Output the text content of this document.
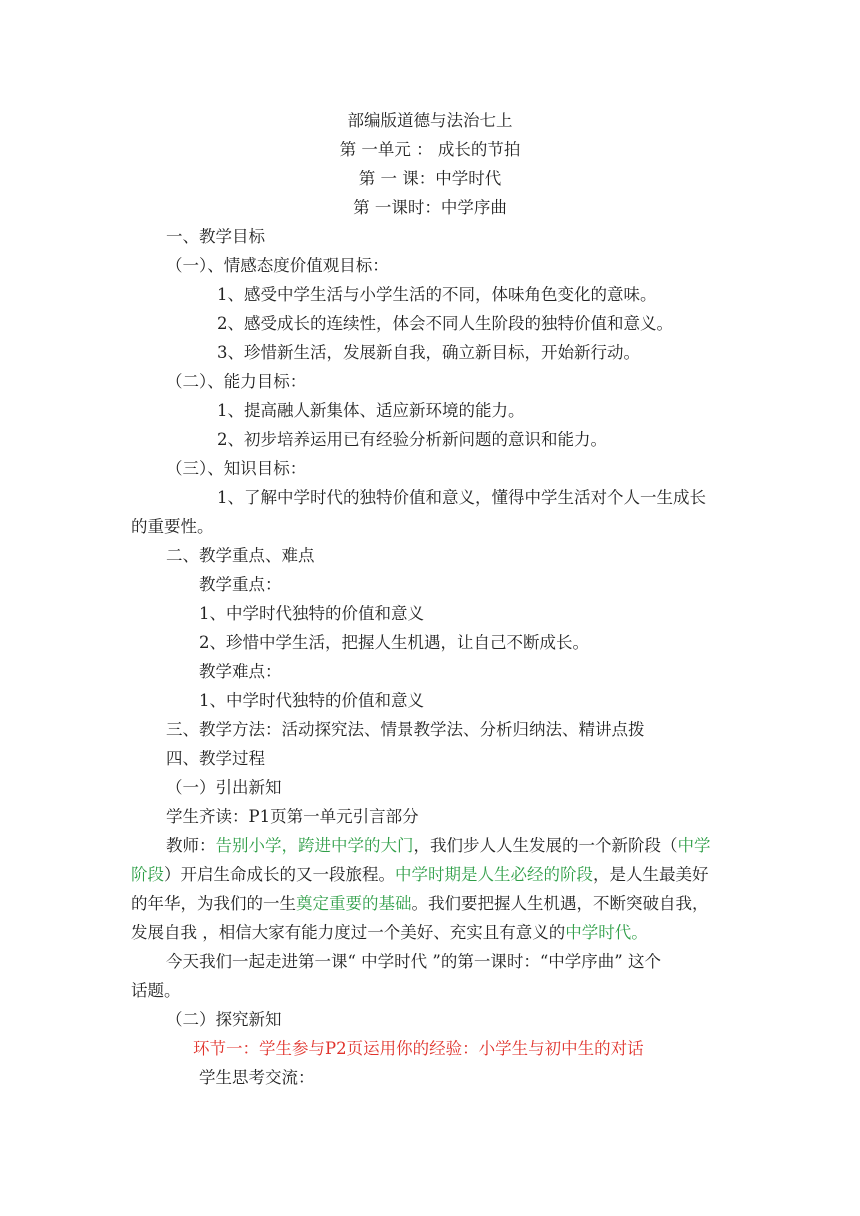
部编版道德与法治七上
第 一单元 ： 成长的节拍
第 一 课：中学时代
第 一课时：中学序曲
一、教学目标
（一）、情感态度价值观目标：
1、感受中学生活与小学生活的不同，体味角色变化的意味。
2、感受成长的连续性，体会不同人生阶段的独特价值和意义。
3、珍惜新生活，发展新自我，确立新目标，开始新行动。
（二）、能力目标：
1、提高融人新集体、适应新环境的能力。
2、初步培养运用已有经验分析新问题的意识和能力。
（三）、知识目标：
1、了解中学时代的独特价值和意义，懂得中学生活对个人一生成长
的重要性。
二、教学重点、难点
教学重点：
1、中学时代独特的价值和意义
2、珍惜中学生活，把握人生机遇，让自己不断成长。
教学难点：
1、中学时代独特的价值和意义
三、教学方法：活动探究法、情景教学法、分析归纳法、精讲点拨
四、教学过程
（一）引出新知
学生齐读：P1页第一单元引言部分
教师：告别小学，跨进中学的大门，我们步人人生发展的一个新阶段（中学
阶段）开启生命成长的又一段旅程。中学时期是人生必经的阶段，是人生最美好
的年华，为我们的一生奠定重要的基础。我们要把握人生机遇，不断突破自我，
发展自我 ，相信大家有能力度过一个美好、充实且有意义的中学时代。
今天我们一起走进第一课“ 中学时代 ”的第一课时：“中学序曲” 这个
话题。
（二）探究新知
环节一：学生参与P2页运用你的经验：小学生与初中生的对话
学生思考交流：
